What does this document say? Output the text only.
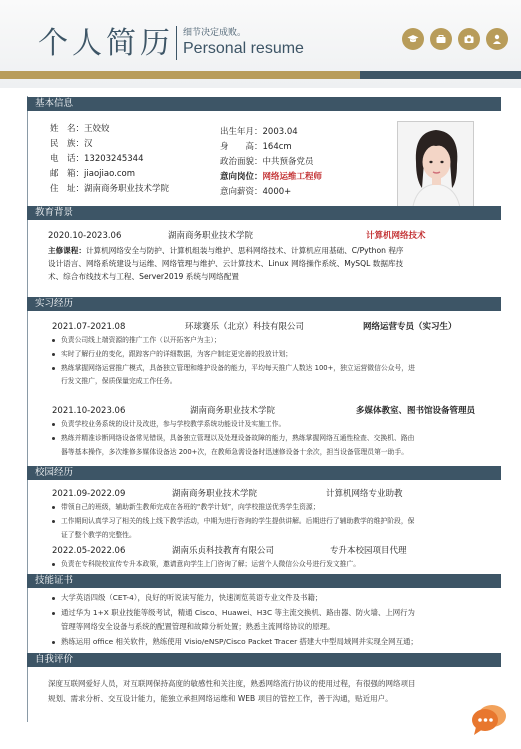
个人简历 细节决定成败。
Personal resume
基本信息
姓　名：王姣姣
民　族：汉
电　话：13203245344
邮　箱：jiaojiao.com
住　址：湖南商务职业技术学院
出生年月：2003.04
身　　高：164cm
政治面貌：中共预备党员
意向岗位：网络运维工程师
意向薪资：4000+
教育背景
2020.10-2023.06	湖南商务职业技术学院	计算机网络技术
主修课程：计算机网络安全与防护、计算机组装与维护、思科网络技术、计算机应用基础、C/Python 程序
设计语言、网络系统建设与运维、网络管理与维护、云计算技术、Linux 网络操作系统、MySQL 数据库技
术、综合布线技术与工程、Server2019 系统与网络配置
实习经历
2021.07-2021.08	环球赛乐（北京）科技有限公司	网络运营专员（实习生）
负责公司线上端资源的推广工作（以开拓客户为主）；
实时了解行业的变化，跟踪客户的详细数据，为客户制定更完善的投放计划；
熟练掌握网络运营推广模式，具备独立管理和维护设备的能力，平均每天推广人数达 100+，独立运营微信公众号，进
行发文推广，保质保量完成工作任务。
2021.10-2023.06	湖南商务职业技术学院	多媒体教室、图书馆设备管理员
负责学校业务系统的设计及改进，参与学校教学系统功能设计及实施工作。
熟练并精准诊断网络设备常见错误，具备独立管理以及处理设备故障的能力，熟练掌握网络互通性检查、交换机、路由
器等基本操作，多次维修多媒体设备达 200+次，在教师急需设备时迅速修设备十余次，担当设备管理员第一助手。
校园经历
2021.09-2022.09	湖南商务职业技术学院	计算机网络专业助教
带领自己的班级，辅助新生教师完成在各班的“教学计划”，向学校推送优秀学生资源；
工作期间认真学习了相关的线上线下教学活动，中期为进行咨询的学生提供讲解。后期进行了辅助教学的维护阶段，保
证了整个教学的完整性。
2022.05-2022.06	湖南乐贞科技教育有限公司	专升本校园项目代理
负责在专科院校宣传专升本政策，邀请意向学生上门咨询了解；运营个人微信公众号进行发文推广。
技能证书
大学英语四级（CET-4），良好的听说读写能力，快速浏览英语专业文件及书籍；
通过华为 1+X 职业技能等级考试，精通 Cisco、Huawei、H3C 等主流交换机、路由器、防火墙、上网行为
管理等网络安全设备与系统的配置管理和故障分析处置；熟悉主流网络协议的原理。
熟练运用 office 相关软件，熟练使用 Visio/eNSP/Cisco Packet Tracer 搭建大中型局域网并实现全网互通；
自我评价
深度互联网爱好人员，对互联网保持高度的敏感性和关注度，熟悉网络流行协议的使用过程，有很强的网络项目
规划、需求分析、交互设计能力，能独立承担网络运维和 WEB 项目的管控工作，善于沟通，贴近用户。
